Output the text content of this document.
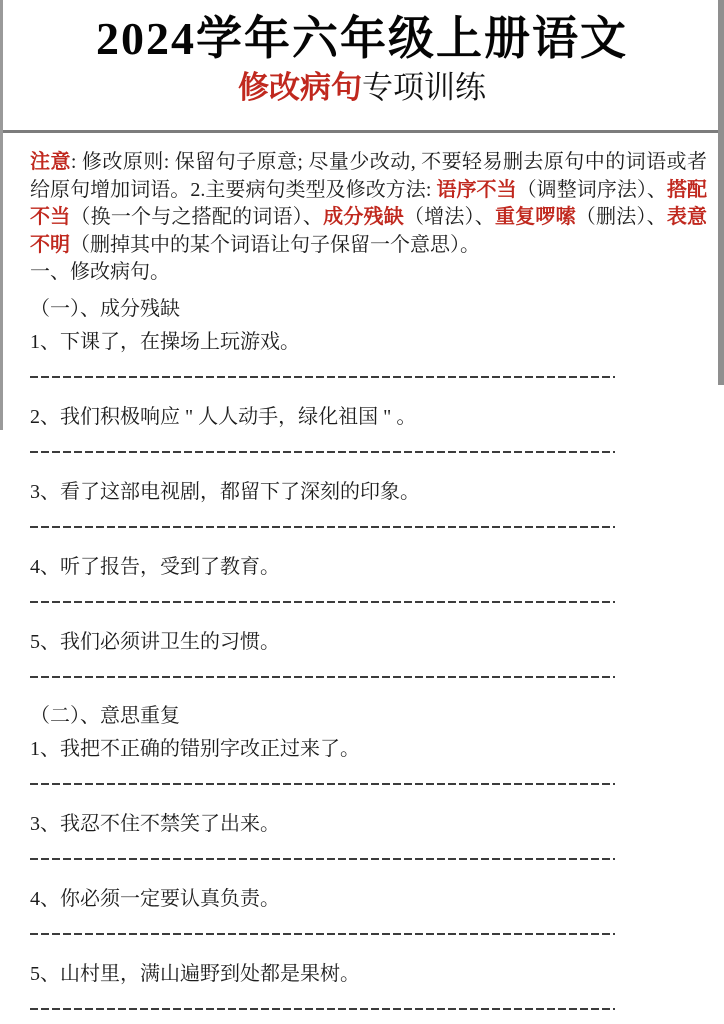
2024学年六年级上册语文
修改病句专项训练
注意: 修改原则: 保留句子原意; 尽量少改动, 不要轻易删去原句中的词语或者给原句增加词语。2.主要病句类型及修改方法: 语序不当（调整词序法）、搭配不当（换一个与之搭配的词语）、成分残缺（增法）、重复啰嗦（删法）、表意不明（删掉其中的某个词语让句子保留一个意思）。
一、修改病句。
（一）、成分残缺
1、下课了，在操场上玩游戏。
2、我们积极响应 " 人人动手，绿化祖国 " 。
3、看了这部电视剧，都留下了深刻的印象。
4、听了报告，受到了教育。
5、我们必须讲卫生的习惯。
（二）、意思重复
1、我把不正确的错别字改正过来了。
3、我忍不住不禁笑了出来。
4、你必须一定要认真负责。
5、山村里，满山遍野到处都是果树。
